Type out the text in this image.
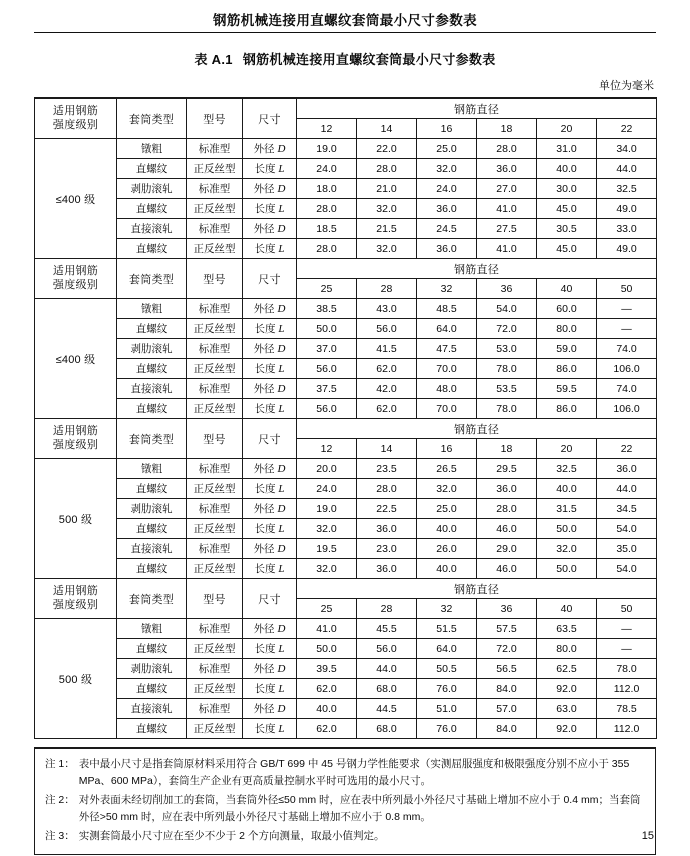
钢筋机械连接用直螺纹套筒最小尺寸参数表
表 A.1 钢筋机械连接用直螺纹套筒最小尺寸参数表
单位为毫米
适用钢筋
强度级别	套筒类型	型号	尺寸	钢筋直径					
				12	14	16	18	20	22
≤400 级	镦粗	标准型	外径 D	19.0	22.0	25.0	28.0	31.0	34.0
	直螺纹	正反丝型	长度 L	24.0	28.0	32.0	36.0	40.0	44.0
	剥肋滚轧	标准型	外径 D	18.0	21.0	24.0	27.0	30.0	32.5
	直螺纹	正反丝型	长度 L	28.0	32.0	36.0	41.0	45.0	49.0
	直接滚轧	标准型	外径 D	18.5	21.5	24.5	27.5	30.5	33.0
	直螺纹	正反丝型	长度 L	28.0	32.0	36.0	41.0	45.0	49.0

适用钢筋
强度级别	套筒类型	型号	尺寸	钢筋直径					
				25	28	32	36	40	50
≤400 级	镦粗	标准型	外径 D	38.5	43.0	48.5	54.0	60.0	—
	直螺纹	正反丝型	长度 L	50.0	56.0	64.0	72.0	80.0	—
	剥肋滚轧	标准型	外径 D	37.0	41.5	47.5	53.0	59.0	74.0
	直螺纹	正反丝型	长度 L	56.0	62.0	70.0	78.0	86.0	106.0
	直接滚轧	标准型	外径 D	37.5	42.0	48.0	53.5	59.5	74.0
	直螺纹	正反丝型	长度 L	56.0	62.0	70.0	78.0	86.0	106.0

适用钢筋
强度级别	套筒类型	型号	尺寸	钢筋直径					
				12	14	16	18	20	22
500 级	镦粗	标准型	外径 D	20.0	23.5	26.5	29.5	32.5	36.0
	直螺纹	正反丝型	长度 L	24.0	28.0	32.0	36.0	40.0	44.0
	剥肋滚轧	标准型	外径 D	19.0	22.5	25.0	28.0	31.5	34.5
	直螺纹	正反丝型	长度 L	32.0	36.0	40.0	46.0	50.0	54.0
	直接滚轧	标准型	外径 D	19.5	23.0	26.0	29.0	32.0	35.0
	直螺纹	正反丝型	长度 L	32.0	36.0	40.0	46.0	50.0	54.0

适用钢筋
强度级别	套筒类型	型号	尺寸	钢筋直径					
				25	28	32	36	40	50
500 级	镦粗	标准型	外径 D	41.0	45.5	51.5	57.5	63.5	—
	直螺纹	正反丝型	长度 L	50.0	56.0	64.0	72.0	80.0	—
	剥肋滚轧	标准型	外径 D	39.5	44.0	50.5	56.5	62.5	78.0
	直螺纹	正反丝型	长度 L	62.0	68.0	76.0	84.0	92.0	112.0
	直接滚轧	标准型	外径 D	40.0	44.5	51.0	57.0	63.0	78.5
	直螺纹	正反丝型	长度 L	62.0	68.0	76.0	84.0	92.0	112.0
注 1： 表中最小尺寸是指套筒原材料采用符合 GB/T 699 中 45 号钢力学性能要求（实测屈服强度和极限强度分别不应小于 355 MPa、600 MPa），套筒生产企业有更高质量控制水平时可选用的最小尺寸。
注 2： 对外表面未经切削加工的套筒，当套筒外径≤50 mm 时，应在表中所列最小外径尺寸基础上增加不应小于 0.4 mm；当套筒外径>50 mm 时，应在表中所列最小外径尺寸基础上增加不应小于 0.8 mm。
注 3： 实测套筒最小尺寸应在至少不少于 2 个方向测量，取最小值判定。	15
